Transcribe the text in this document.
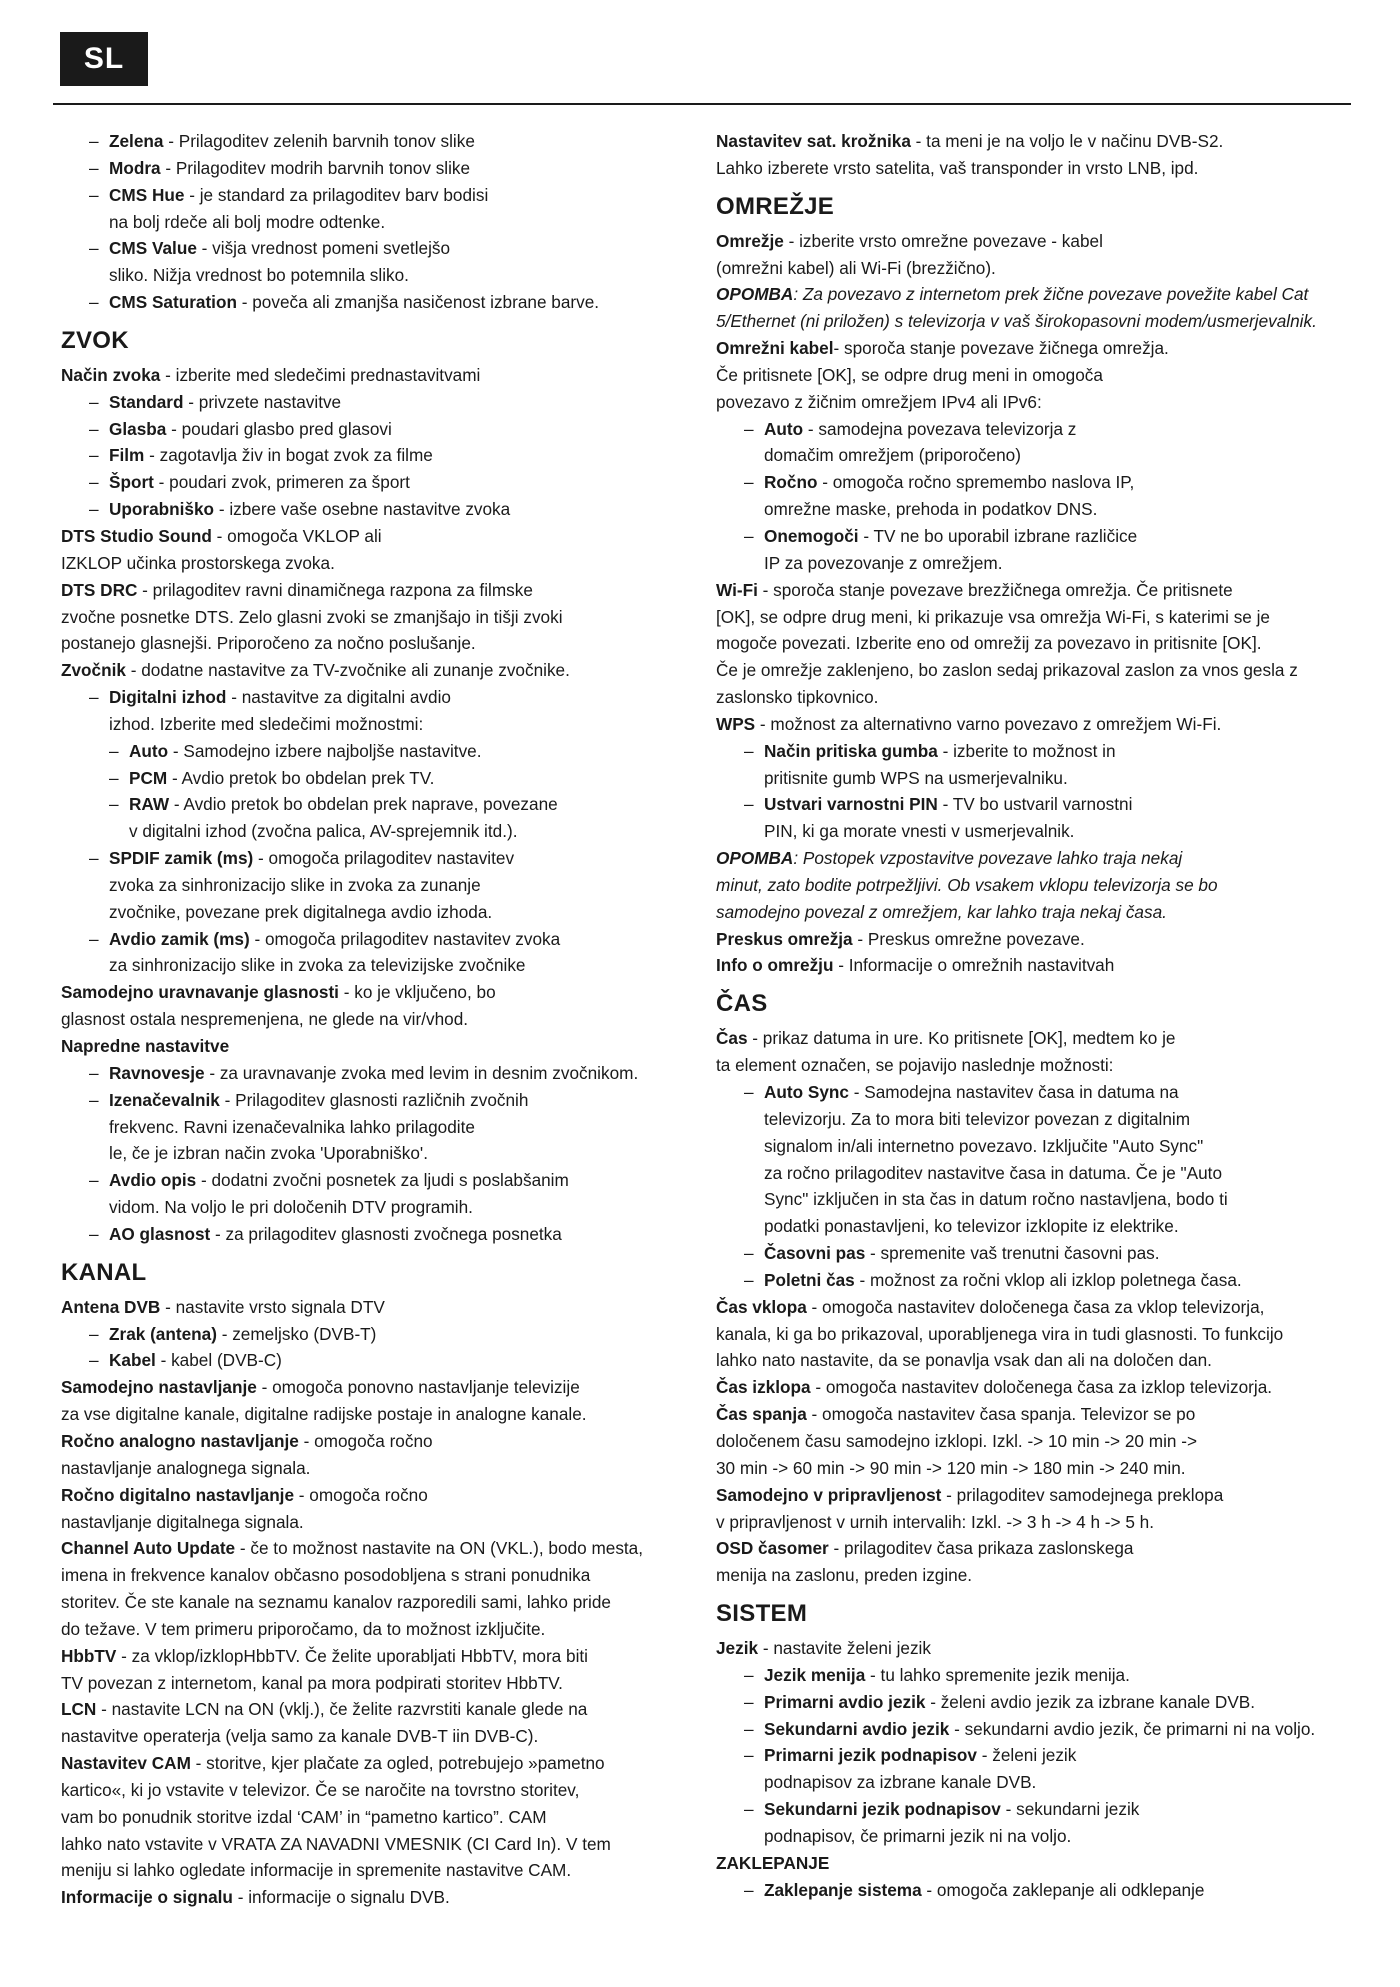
SL

– Zelena - Prilagoditev zelenih barvnih tonov slike

– Modra - Prilagoditev modrih barvnih tonov slike

– CMS Hue - je standard za prilagoditev barv bodisi

na bolj rdeče ali bolj modre odtenke.

– CMS Value - višja vrednost pomeni svetlejšo

sliko. Nižja vrednost bo potemnila sliko.

– CMS Saturation - poveča ali zmanjša nasičenost izbrane barve.

ZVOK

Način zvoka - izberite med sledečimi prednastavitvami

– Standard - privzete nastavitve

– Glasba - poudari glasbo pred glasovi

– Film - zagotavlja živ in bogat zvok za filme

– Šport - poudari zvok, primeren za šport

– Uporabniško - izbere vaše osebne nastavitve zvoka

DTS Studio Sound - omogoča VKLOP ali

IZKLOP učinka prostorskega zvoka.

DTS DRC - prilagoditev ravni dinamičnega razpona za filmske

zvočne posnetke DTS. Zelo glasni zvoki se zmanjšajo in tišji zvoki

postanejo glasnejši. Priporočeno za nočno poslušanje.

Zvočnik - dodatne nastavitve za TV-zvočnike ali zunanje zvočnike.

– Digitalni izhod - nastavitve za digitalni avdio

izhod. Izberite med sledečimi možnostmi:

– Auto - Samodejno izbere najboljše nastavitve.

– PCM - Avdio pretok bo obdelan prek TV.

– RAW - Avdio pretok bo obdelan prek naprave, povezane

v digitalni izhod (zvočna palica, AV-sprejemnik itd.).

– SPDIF zamik (ms) - omogoča prilagoditev nastavitev

zvoka za sinhronizacijo slike in zvoka za zunanje

zvočnike, povezane prek digitalnega avdio izhoda.

– Avdio zamik (ms) - omogoča prilagoditev nastavitev zvoka

za sinhronizacijo slike in zvoka za televizijske zvočnike

Samodejno uravnavanje glasnosti - ko je vključeno, bo

glasnost ostala nespremenjena, ne glede na vir/vhod.

Napredne nastavitve

– Ravnovesje - za uravnavanje zvoka med levim in desnim zvočnikom.

– Izenačevalnik - Prilagoditev glasnosti različnih zvočnih

frekvenc. Ravni izenačevalnika lahko prilagodite

le, če je izbran način zvoka 'Uporabniško'.

– Avdio opis - dodatni zvočni posnetek za ljudi s poslabšanim

vidom. Na voljo le pri določenih DTV programih.

– AO glasnost - za prilagoditev glasnosti zvočnega posnetka

KANAL

Antena DVB - nastavite vrsto signala DTV

– Zrak (antena) - zemeljsko (DVB-T)

– Kabel - kabel (DVB-C)

Samodejno nastavljanje - omogoča ponovno nastavljanje televizije

za vse digitalne kanale, digitalne radijske postaje in analogne kanale.

Ročno analogno nastavljanje - omogoča ročno

nastavljanje analognega signala.

Ročno digitalno nastavljanje - omogoča ročno

nastavljanje digitalnega signala.

Channel Auto Update - če to možnost nastavite na ON (VKL.), bodo mesta,

imena in frekvence kanalov občasno posodobljena s strani ponudnika

storitev. Če ste kanale na seznamu kanalov razporedili sami, lahko pride

do težave. V tem primeru priporočamo, da to možnost izključite.

HbbTV - za vklop/izklopHbbTV. Če želite uporabljati HbbTV, mora biti

TV povezan z internetom, kanal pa mora podpirati storitev HbbTV.

LCN - nastavite LCN na ON (vklj.), če želite razvrstiti kanale glede na

nastavitve operaterja (velja samo za kanale DVB-T iin DVB-C).

Nastavitev CAM - storitve, kjer plačate za ogled, potrebujejo »pametno

kartico«, ki jo vstavite v televizor. Če se naročite na tovrstno storitev,

vam bo ponudnik storitve izdal ‘CAM’ in “pametno kartico”. CAM

lahko nato vstavite v VRATA ZA NAVADNI VMESNIK (CI Card In). V tem

meniju si lahko ogledate informacije in spremenite nastavitve CAM.

Informacije o signalu - informacije o signalu DVB.

Nastavitev sat. krožnika - ta meni je na voljo le v načinu DVB-S2.

Lahko izberete vrsto satelita, vaš transponder in vrsto LNB, ipd.

OMREŽJE

Omrežje - izberite vrsto omrežne povezave - kabel

(omrežni kabel) ali Wi-Fi (brezžično).

OPOMBA: Za povezavo z internetom prek žične povezave povežite kabel Cat

5/Ethernet (ni priložen) s televizorja v vaš širokopasovni modem/usmerjevalnik.

Omrežni kabel- sporoča stanje povezave žičnega omrežja.

Če pritisnete [OK], se odpre drug meni in omogoča

povezavo z žičnim omrežjem IPv4 ali IPv6:

– Auto - samodejna povezava televizorja z

domačim omrežjem (priporočeno)

– Ročno - omogoča ročno spremembo naslova IP,

omrežne maske, prehoda in podatkov DNS.

– Onemogoči - TV ne bo uporabil izbrane različice

IP za povezovanje z omrežjem.

Wi-Fi - sporoča stanje povezave brezžičnega omrežja. Če pritisnete

[OK], se odpre drug meni, ki prikazuje vsa omrežja Wi-Fi, s katerimi se je

mogoče povezati. Izberite eno od omrežij za povezavo in pritisnite [OK].

Če je omrežje zaklenjeno, bo zaslon sedaj prikazoval zaslon za vnos gesla z

zaslonsko tipkovnico.

WPS - možnost za alternativno varno povezavo z omrežjem Wi-Fi.

– Način pritiska gumba - izberite to možnost in

pritisnite gumb WPS na usmerjevalniku.

– Ustvari varnostni PIN - TV bo ustvaril varnostni

PIN, ki ga morate vnesti v usmerjevalnik.

OPOMBA: Postopek vzpostavitve povezave lahko traja nekaj

minut, zato bodite potrpežljivi. Ob vsakem vklopu televizorja se bo

samodejno povezal z omrežjem, kar lahko traja nekaj časa.

Preskus omrežja - Preskus omrežne povezave.

Info o omrežju - Informacije o omrežnih nastavitvah

ČAS

Čas - prikaz datuma in ure. Ko pritisnete [OK], medtem ko je

ta element označen, se pojavijo naslednje možnosti:

– Auto Sync - Samodejna nastavitev časa in datuma na

televizorju. Za to mora biti televizor povezan z digitalnim

signalom in/ali internetno povezavo. Izključite "Auto Sync"

za ročno prilagoditev nastavitve časa in datuma. Če je "Auto

Sync" izključen in sta čas in datum ročno nastavljena, bodo ti

podatki ponastavljeni, ko televizor izklopite iz elektrike.

– Časovni pas - spremenite vaš trenutni časovni pas.

– Poletni čas - možnost za ročni vklop ali izklop poletnega časa.

Čas vklopa - omogoča nastavitev določenega časa za vklop televizorja,

kanala, ki ga bo prikazoval, uporabljenega vira in tudi glasnosti. To funkcijo

lahko nato nastavite, da se ponavlja vsak dan ali na določen dan.

Čas izklopa - omogoča nastavitev določenega časa za izklop televizorja.

Čas spanja - omogoča nastavitev časa spanja. Televizor se po

določenem času samodejno izklopi. Izkl. -> 10 min -> 20 min ->

30 min -> 60 min -> 90 min -> 120 min -> 180 min -> 240 min.

Samodejno v pripravljenost - prilagoditev samodejnega preklopa

v pripravljenost v urnih intervalih: Izkl. -> 3 h -> 4 h -> 5 h.

OSD časomer - prilagoditev časa prikaza zaslonskega

menija na zaslonu, preden izgine.

SISTEM

Jezik - nastavite želeni jezik

– Jezik menija - tu lahko spremenite jezik menija.

– Primarni avdio jezik - želeni avdio jezik za izbrane kanale DVB.

– Sekundarni avdio jezik - sekundarni avdio jezik, če primarni ni na voljo.

– Primarni jezik podnapisov - želeni jezik

podnapisov za izbrane kanale DVB.

– Sekundarni jezik podnapisov - sekundarni jezik

podnapisov, če primarni jezik ni na voljo.

ZAKLEPANJE

– Zaklepanje sistema - omogoča zaklepanje ali odklepanje
